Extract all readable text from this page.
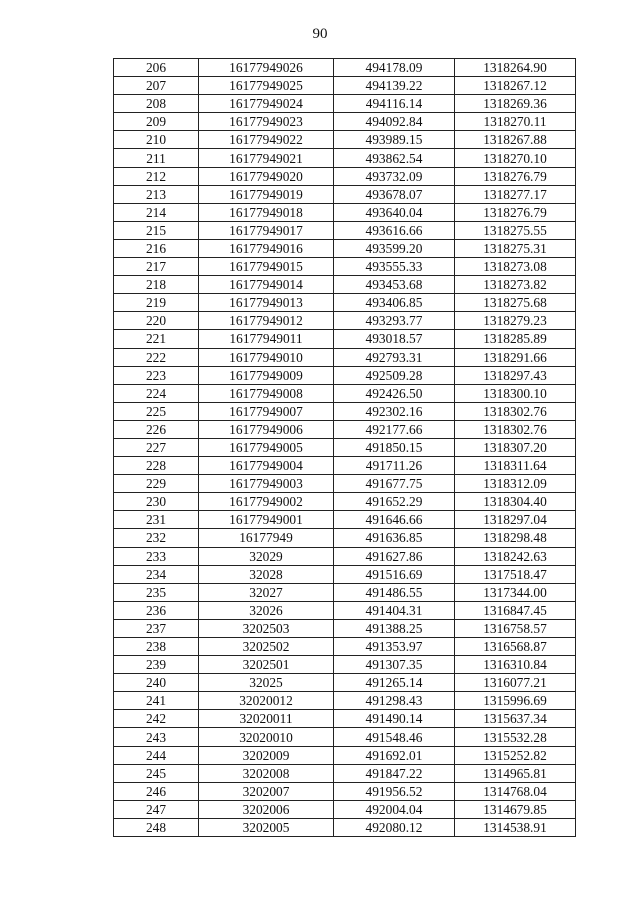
90
206	16177949026	494178.09	1318264.90
207	16177949025	494139.22	1318267.12
208	16177949024	494116.14	1318269.36
209	16177949023	494092.84	1318270.11
210	16177949022	493989.15	1318267.88
211	16177949021	493862.54	1318270.10
212	16177949020	493732.09	1318276.79
213	16177949019	493678.07	1318277.17
214	16177949018	493640.04	1318276.79
215	16177949017	493616.66	1318275.55
216	16177949016	493599.20	1318275.31
217	16177949015	493555.33	1318273.08
218	16177949014	493453.68	1318273.82
219	16177949013	493406.85	1318275.68
220	16177949012	493293.77	1318279.23
221	16177949011	493018.57	1318285.89
222	16177949010	492793.31	1318291.66
223	16177949009	492509.28	1318297.43
224	16177949008	492426.50	1318300.10
225	16177949007	492302.16	1318302.76
226	16177949006	492177.66	1318302.76
227	16177949005	491850.15	1318307.20
228	16177949004	491711.26	1318311.64
229	16177949003	491677.75	1318312.09
230	16177949002	491652.29	1318304.40
231	16177949001	491646.66	1318297.04
232	16177949	491636.85	1318298.48
233	32029	491627.86	1318242.63
234	32028	491516.69	1317518.47
235	32027	491486.55	1317344.00
236	32026	491404.31	1316847.45
237	3202503	491388.25	1316758.57
238	3202502	491353.97	1316568.87
239	3202501	491307.35	1316310.84
240	32025	491265.14	1316077.21
241	32020012	491298.43	1315996.69
242	32020011	491490.14	1315637.34
243	32020010	491548.46	1315532.28
244	3202009	491692.01	1315252.82
245	3202008	491847.22	1314965.81
246	3202007	491956.52	1314768.04
247	3202006	492004.04	1314679.85
248	3202005	492080.12	1314538.91
